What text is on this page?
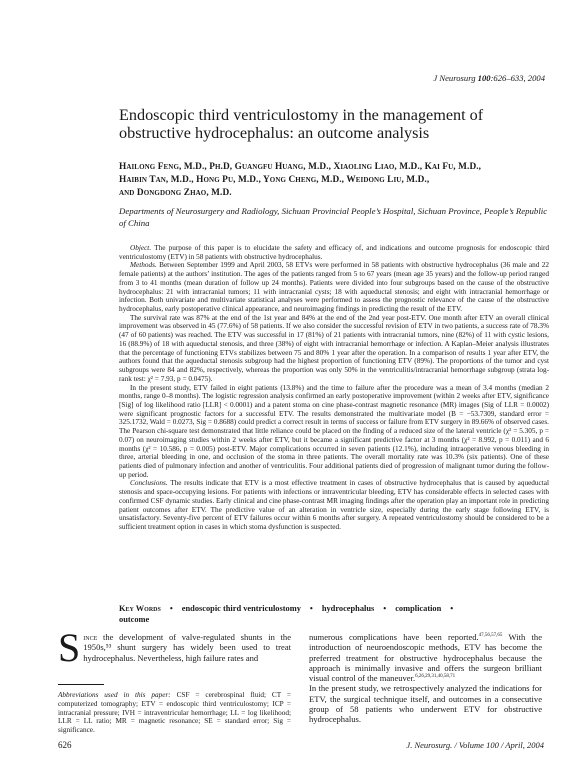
J Neurosurg 100:626–633, 2004
Endoscopic third ventriculostomy in the management of obstructive hydrocephalus: an outcome analysis
Hailong Feng, M.D., Ph.D, Guangfu Huang, M.D., Xiaoling Liao, M.D., Kai Fu, M.D.,
Haibin Tan, M.D., Hong Pu, M.D., Yong Cheng, M.D., Weidong Liu, M.D.,
and Dongdong Zhao, M.D.
Departments of Neurosurgery and Radiology, Sichuan Provincial People’s Hospital, Sichuan Province, People’s Republic of China

Object. The purpose of this paper is to elucidate the safety and efficacy of, and indications and outcome prognosis for endoscopic third ventriculostomy (ETV) in 58 patients with obstructive hydrocephalus.

Methods. Between September 1999 and April 2003, 58 ETVs were performed in 58 patients with obstructive hydrocephalus (36 male and 22 female patients) at the authors’ institution. The ages of the patients ranged from 5 to 67 years (mean age 35 years) and the follow-up period ranged from 3 to 41 months (mean duration of follow up 24 months). Patients were divided into four subgroups based on the cause of the obstructive hydrocephalus: 21 with intracranial tumors; 11 with intracranial cysts; 18 with aqueductal stenosis; and eight with intracranial hemorrhage or infection. Both univariate and multivariate statistical analyses were performed to assess the prognostic relevance of the cause of the obstructive hydrocephalus, early postoperative clinical appearance, and neuroimaging findings in predicting the result of the ETV.

The survival rate was 87% at the end of the 1st year and 84% at the end of the 2nd year post-ETV. One month after ETV an overall clinical improvement was observed in 45 (77.6%) of 58 patients. If we also consider the successful revision of ETV in two patients, a success rate of 78.3% (47 of 60 patients) was reached. The ETV was successful in 17 (81%) of 21 patients with intracranial tumors, nine (82%) of 11 with cystic lesions, 16 (88.9%) of 18 with aqueductal stenosis, and three (38%) of eight with intracranial hemorrhage or infection. A Kaplan–Meier analysis illustrates that the percentage of functioning ETVs stabilizes between 75 and 80% 1 year after the operation. In a comparison of results 1 year after ETV, the authors found that the aqueductal stenosis subgroup had the highest proportion of functioning ETV (89%). The proportions of the tumor and cyst subgroups were 84 and 82%, respectively, whereas the proportion was only 50% in the ventriculitis/intracranial hemorrhage subgroup (strata log-rank test: χ² = 7.93, p = 0.0475).

In the present study, ETV failed in eight patients (13.8%) and the time to failure after the procedure was a mean of 3.4 months (median 2 months, range 0–8 months). The logistic regression analysis confirmed an early postoperative improvement (within 2 weeks after ETV, significance [Sig] of log likelihood ratio [LLR] < 0.0001) and a patent stoma on cine phase-contrast magnetic resonance (MR) images (Sig of LLR = 0.0002) were significant prognostic factors for a successful ETV. The results demonstrated the multivariate model (B = −53.7309, standard error = 325.1732, Wald = 0.0273, Sig = 0.8688) could predict a correct result in terms of success or failure from ETV surgery in 89.66% of observed cases. The Pearson chi-square test demonstrated that little reliance could be placed on the finding of a reduced size of the lateral ventricle (χ² = 5.305, p = 0.07) on neuroimaging studies within 2 weeks after ETV, but it became a significant predictive factor at 3 months (χ² = 8.992, p = 0.011) and 6 months (χ² = 10.586, p = 0.005) post-ETV. Major complications occurred in seven patients (12.1%), including intraoperative venous bleeding in three, arterial bleeding in one, and occlusion of the stoma in three patients. The overall mortality rate was 10.3% (six patients). One of these patients died of pulmonary infection and another of ventriculitis. Four additional patients died of progression of malignant tumor during the follow-up period.

Conclusions. The results indicate that ETV is a most effective treatment in cases of obstructive hydrocephalus that is caused by aqueductal stenosis and space-occupying lesions. For patients with infections or intraventricular bleeding, ETV has considerable effects in selected cases with confirmed CSF dynamic studies. Early clinical and cine phase-contrast MR imaging findings after the operation play an important role in predicting patient outcomes after ETV. The predictive value of an alteration in ventricle size, especially during the early stage following ETV, is unsatisfactory. Seventy-five percent of ETV failures occur within 6 months after surgery. A repeated ventriculostomy should be considered to be a sufficient treatment option in cases in which stoma dysfunction is suspected.

Key Words • endoscopic third ventriculostomy • hydrocephalus • complication •
outcome
Since the development of valve-regulated shunts in the 1950s,⁵³ shunt surgery has widely been used to treat hydrocephalus. Nevertheless, high failure rates and
Abbreviations used in this paper: CSF = cerebrospinal fluid; CT = computerized tomography; ETV = endoscopic third ventriculostomy; ICP = intracranial pressure; IVH = intraventricular hemorrhage; LL = log likelihood; LLR = LL ratio; MR = magnetic resonance; SE = standard error; Sig = significance.

numerous complications have been reported.$^{47,56,57,65}$ With the introduction of neuroendoscopic methods, ETV has become the preferred treatment for obstructive hydrocephalus because the approach is minimally invasive and offers the surgeon brilliant visual control of the maneuver.$^{6,26,29,31,40,58,71}$

In the present study, we retrospectively analyzed the indications for ETV, the surgical technique itself, and outcomes in a consecutive group of 58 patients who underwent ETV for obstructive hydrocephalus.

626	J. Neurosurg. / Volume 100 / April, 2004
